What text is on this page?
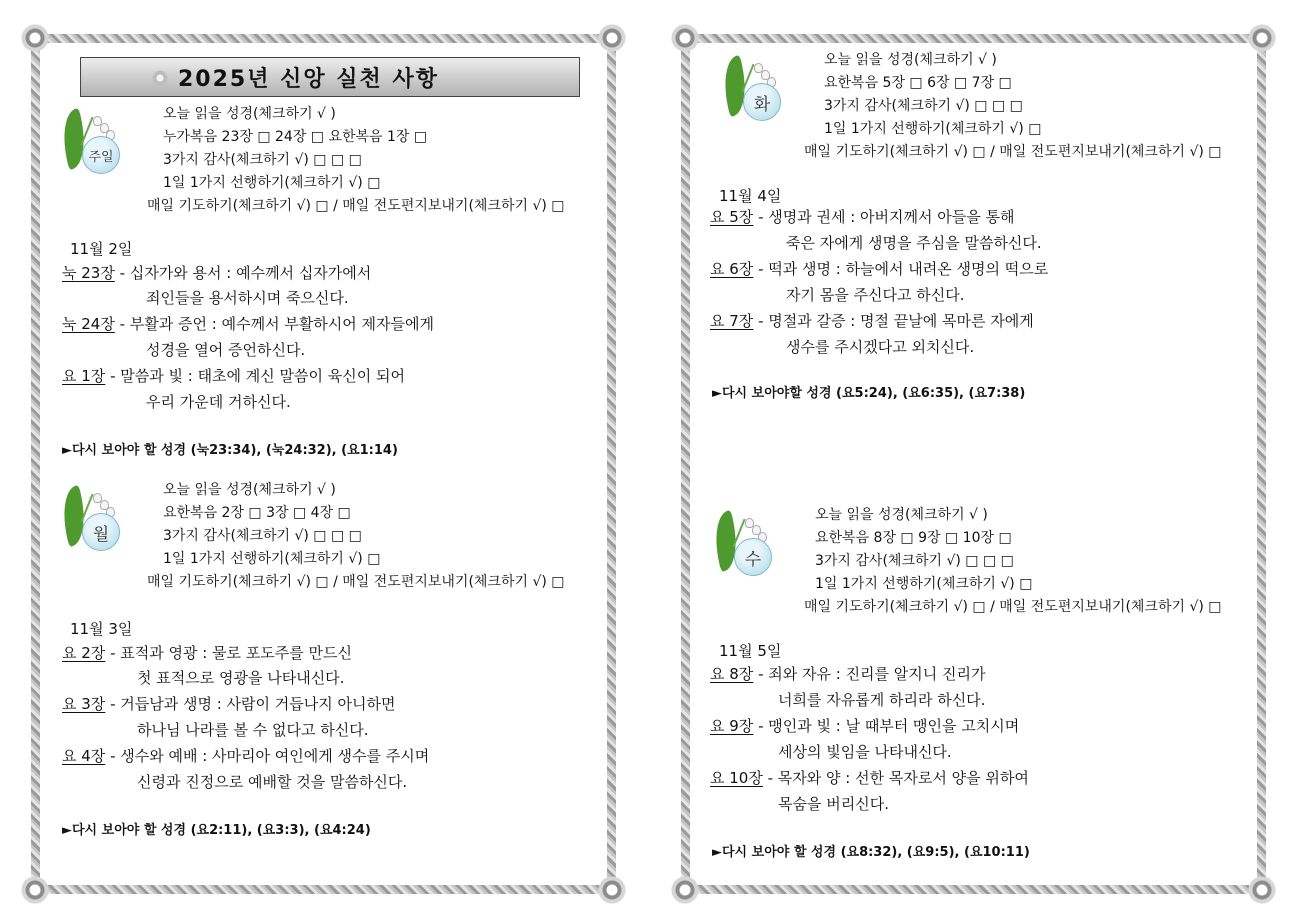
2025년 신앙 실천 사항
주일
오늘 읽을 성경(체크하기 √ )
누가복음 23장 □ 24장 □ 요한복음 1장 □
3가지 감사(체크하기 √) □ □ □
1일 1가지 선행하기(체크하기 √) □
매일 기도하기(체크하기 √) □ / 매일 전도편지보내기(체크하기 √) □
11월 2일
눅 23장 - 십자가와 용서 : 예수께서 십자가에서
죄인들을 용서하시며 죽으신다.
눅 24장 - 부활과 증언 : 예수께서 부활하시어 제자들에게
성경을 열어 증언하신다.
요 1장 - 말씀과 빛 : 태초에 계신 말씀이 육신이 되어
우리 가운데 거하신다.
►다시 보아야 할 성경 (눅23:34), (눅24:32), (요1:14)
월
오늘 읽을 성경(체크하기 √ )
요한복음 2장 □ 3장 □ 4장 □
3가지 감사(체크하기 √) □ □ □
1일 1가지 선행하기(체크하기 √) □
매일 기도하기(체크하기 √) □ / 매일 전도편지보내기(체크하기 √) □
11월 3일
요 2장 - 표적과 영광 : 물로 포도주를 만드신
첫 표적으로 영광을 나타내신다.
요 3장 - 거듭남과 생명 : 사람이 거듭나지 아니하면
하나님 나라를 볼 수 없다고 하신다.
요 4장 - 생수와 예배 : 사마리아 여인에게 생수를 주시며
신령과 진정으로 예배할 것을 말씀하신다.
►다시 보아야 할 성경 (요2:11), (요3:3), (요4:24)
화
오늘 읽을 성경(체크하기 √ )
요한복음 5장 □ 6장 □ 7장 □
3가지 감사(체크하기 √) □ □ □
1일 1가지 선행하기(체크하기 √) □
매일 기도하기(체크하기 √) □ / 매일 전도편지보내기(체크하기 √) □
11월 4일
요 5장 - 생명과 권세 : 아버지께서 아들을 통해
죽은 자에게 생명을 주심을 말씀하신다.
요 6장 - 떡과 생명 : 하늘에서 내려온 생명의 떡으로
자기 몸을 주신다고 하신다.
요 7장 - 명절과 갈증 : 명절 끝날에 목마른 자에게
생수를 주시겠다고 외치신다.
►다시 보아야할 성경 (요5:24), (요6:35), (요7:38)
수
오늘 읽을 성경(체크하기 √ )
요한복음 8장 □ 9장 □ 10장 □
3가지 감사(체크하기 √) □ □ □
1일 1가지 선행하기(체크하기 √) □
매일 기도하기(체크하기 √) □ / 매일 전도편지보내기(체크하기 √) □
11월 5일
요 8장 - 죄와 자유 : 진리를 알지니 진리가
너희를 자유롭게 하리라 하신다.
요 9장 - 맹인과 빛 : 날 때부터 맹인을 고치시며
세상의 빛임을 나타내신다.
요 10장 - 목자와 양 : 선한 목자로서 양을 위하여
목숨을 버리신다.
►다시 보아야 할 성경 (요8:32), (요9:5), (요10:11)
